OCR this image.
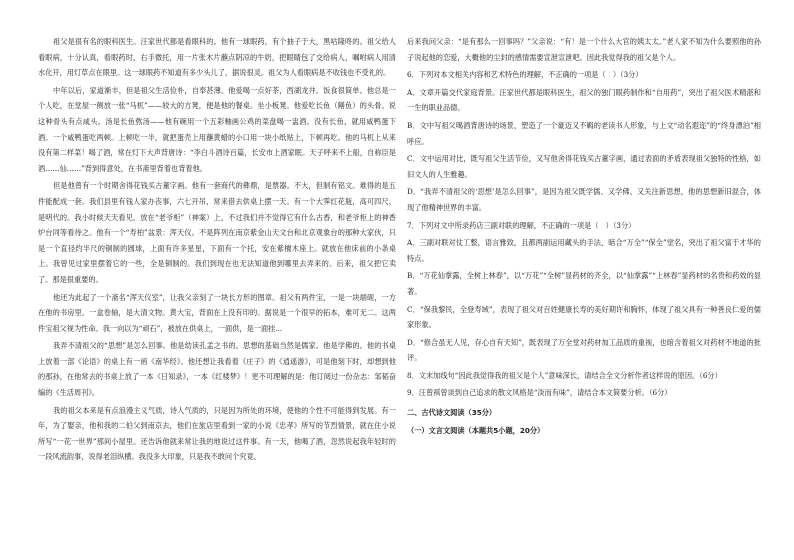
祖父是很有名的眼科医生。汪家世代都是看眼科的。他有一球眼药，有个抽子于大，黑咕隆咚的。祖父给人看眼病，十分认真，看眼药时，右手微托，用一片张木片蘸点阴凉的牛奶，把眼睛包了交给病人，嘱咐病人用清水化开，用灯草点在眼里。这一球眼药不知道有多少头儿了，据说很灵。祖父为人看眼病是不收钱也不受礼的。

中年以后，家道渐丰，但是祖父生活俭朴，自奉甚薄。他爱喝一点好茶，西湖龙井。饭食很简单。他总是一个人吃，在堂屋一侧放一张“马杌”——较大的方凳，便是他的餐桌。坐小板凳。他爱吃长鱼（鳝鱼）的头骨。说这种骨头有点咸头。汤是长鱼熬汤——他有碗用一个五彩釉画公鸡的菜盘喝一盅酒。没有长鱼，就用咸鸭蛋下酒。一个咸鸭蛋吃两顿。上顿吃一半，就把蛋壳上用蘸黄蜡的小口用一块小纸贴上，下顿再吃。他的马杌上从来没有第二样菜！喝了酒，常在灯下大声背唐诗：“李白斗酒诗百篇，长安市上酒家眠。天子呼来不上船，自称臣是酒……仙……”背到得意处，在书斋里背着也背着他。

但是他曾有一个时期舍得花钱买古董字画。他有一套商代的彝鼎，是票器。不大，但制有铭文。难得的是五件能配成一套。我们县里有钱人家办丧事，六七开吊，常来借去供桌上摆一天。有一个大霁红花瓶，高可四尺，是明代的。我小时候天天看见，放在“老爷柜”（神案）上，不过我们并不觉得它有什么古香，和老爷柜上的神香炉台同等看待之。他有一个“寿柏”盆景：浑天仪。不是阵列在南京紫金山天文台和北京观象台的那种大家伙，只是一个直径约半尺的铜制的圆球，上面有许多星星，下面有一个托，安在紫檀木座上。就放在他床前的小条桌上。我曾见过家里摆着它的一些，全是铜制的。我们到现在也无法知道他到哪里去弄来的。后来，祖父把它卖了。那是很重要的。

他还为此起了一个斋名“浑天仪室”，让我父亲刻了一块长方形的图章。祖父有两件宝，一是一块端砚，一方在他的书房里。一盒卷轴，是大清文物。黄大宝，背面在上没有印的。据说是一个很早的拓本，难可无二。这两件宝祖父视为性命。我一向以为“顽石”，被放在供桌上，一面供，是一面挂...

我弄不清祖父的“思想”是怎么回事。他是幼读孔孟之书的。思想的基础当然是儒家。他是学佛的。他的书桌上放着一部《论语》的桌上有一函《南华经》。他还想让我看着《庄子》的《逍遥游》，可是他刻下时，却想到他的那孙，在他常去的书桌上放了一本《日知录》，一本《红楼梦》！更不可理解的是：他订阅过一份杂志：邹韬奋编的《生活周刊》。

我的祖父本来是有点浪漫主义气质，诗人气质的，只是因为所处的环境，使他的个性不可能得到发展。有一年，为了娶亲，他和我的二伯父到南京去，他们在旅店里看到一家的小说《忠孝》所写的节烈情景，就在住小说所写“一花一世界”那间小屋里。还告诉他就来常让我的地说过这件事。有一天，他喝了酒，忽然说起我年轻时的一段风流韵事，说得老泪纵横。我没多大印象，只是我不敢问个究竟。

后来我问父亲：“是有那么一回事吗？”父亲说：“有！是一个什么大官的姨太太。”老人家不知为什么要照他的孙子说起他的恋爱，大概他的尘封的感情需要宣泄宣泄吧。因此我觉得我的祖父是个人。

6．下列对本文相关内容和艺术特色的理解，不正确的一项是（　）（3分）

A．文章开篇交代家庭背景。汪家世代都是眼科医生，祖父的独门眼药制作和“自用药”，突出了祖父医术精湛和一生的职业品德。

B．文中写祖父喝酒背唐诗的场景，塑造了一个豪迈又不羁的老读书人形象，与上文“动名遐迩”的“终身漂泊”相呼应。

C．文中运用对比，既写祖父生活节俭，又写他舍得花钱买古董字画，通过表面的矛盾表现祖父独特的性格，如旧文人的人生雅趣。

D．“我弄不清祖父的‘思想’是怎么回事”，是因为祖父既学儒、又学佛、又关注新思想，他的思想新旧混合，体现了他精神世界的丰富。

7．下列对文中所录药店三副对联的理解，不正确的一项是（　）（3分）

A．三副对联对仗工整，语言雅致，且都两副运用藏头的手法，暗合“万全”“保全”堂名，突出了祖父富于才华的特点。

B．“万花仙掌露，全树上林春”，以“万花”“全树”显药材的齐全，以“仙掌露”“上林春”显药材的名贵和药效的显著。

C．“保我黎民，全登寿域”，表现了祖父对百姓健康长寿的美好期许和胸怀，体现了祖父具有一种善良仁爱的儒家形象。

D．“修合虽无人见，存心自有天知”，既表现了万全堂对药材加工品质的重视，也暗含着祖父对药材不地道的批评。

8．文末加线句“因此我觉得我的祖父是个人”意味深长，请结合全文分析作者这样说的原因。（6分）

9．汪曾祺曾谈到自己追求的散文风格是“淡而有味”，请结合本文简要分析。（6分）

二、古代诗文阅读（35分）

（一）文言文阅读（本题共5小题，20分）
